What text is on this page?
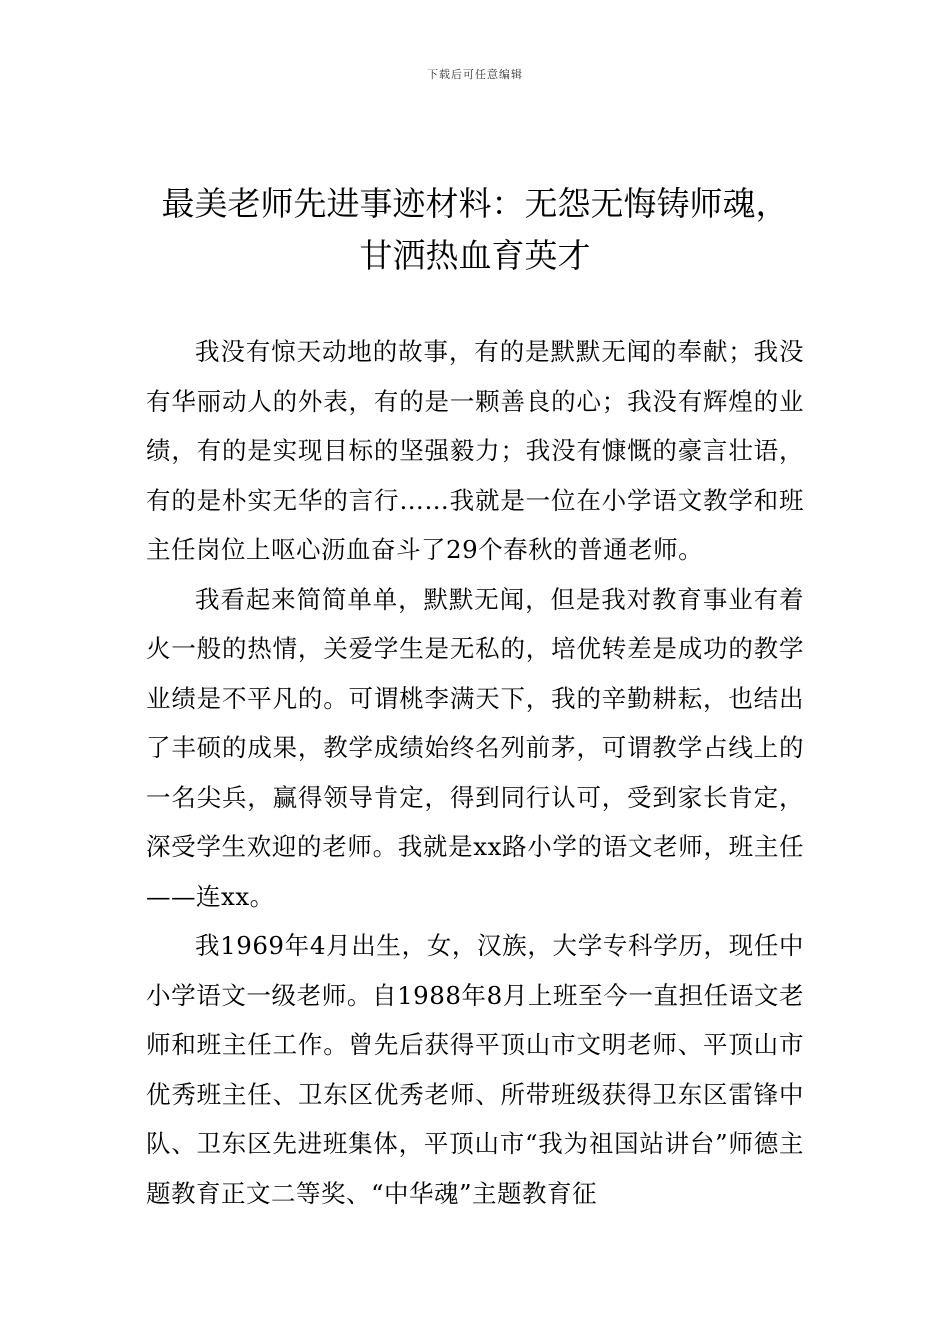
下载后可任意编辑
最美老师先进事迹材料：无怨无悔铸师魂，
甘洒热血育英才

我没有惊天动地的故事，有的是默默无闻的奉献；我没有华丽动人的外表，有的是一颗善良的心；我没有辉煌的业绩，有的是实现目标的坚强毅力；我没有慷慨的豪言壮语，有的是朴实无华的言行……我就是一位在小学语文教学和班主任岗位上呕心沥血奋斗了29个春秋的普通老师。

我看起来简简单单，默默无闻，但是我对教育事业有着火一般的热情，关爱学生是无私的，培优转差是成功的教学业绩是不平凡的。可谓桃李满天下，我的辛勤耕耘，也结出了丰硕的成果，教学成绩始终名列前茅，可谓教学占线上的一名尖兵，赢得领导肯定，得到同行认可，受到家长肯定，深受学生欢迎的老师。我就是xx路小学的语文老师，班主任——连xx。

我1969年4月出生，女，汉族，大学专科学历，现任中小学语文一级老师。自1988年8月上班至今一直担任语文老师和班主任工作。曾先后获得平顶山市文明老师、平顶山市优秀班主任、卫东区优秀老师、所带班级获得卫东区雷锋中队、卫东区先进班集体，平顶山市“我为祖国站讲台”师德主题教育正文二等奖、“中华魂”主题教育征
